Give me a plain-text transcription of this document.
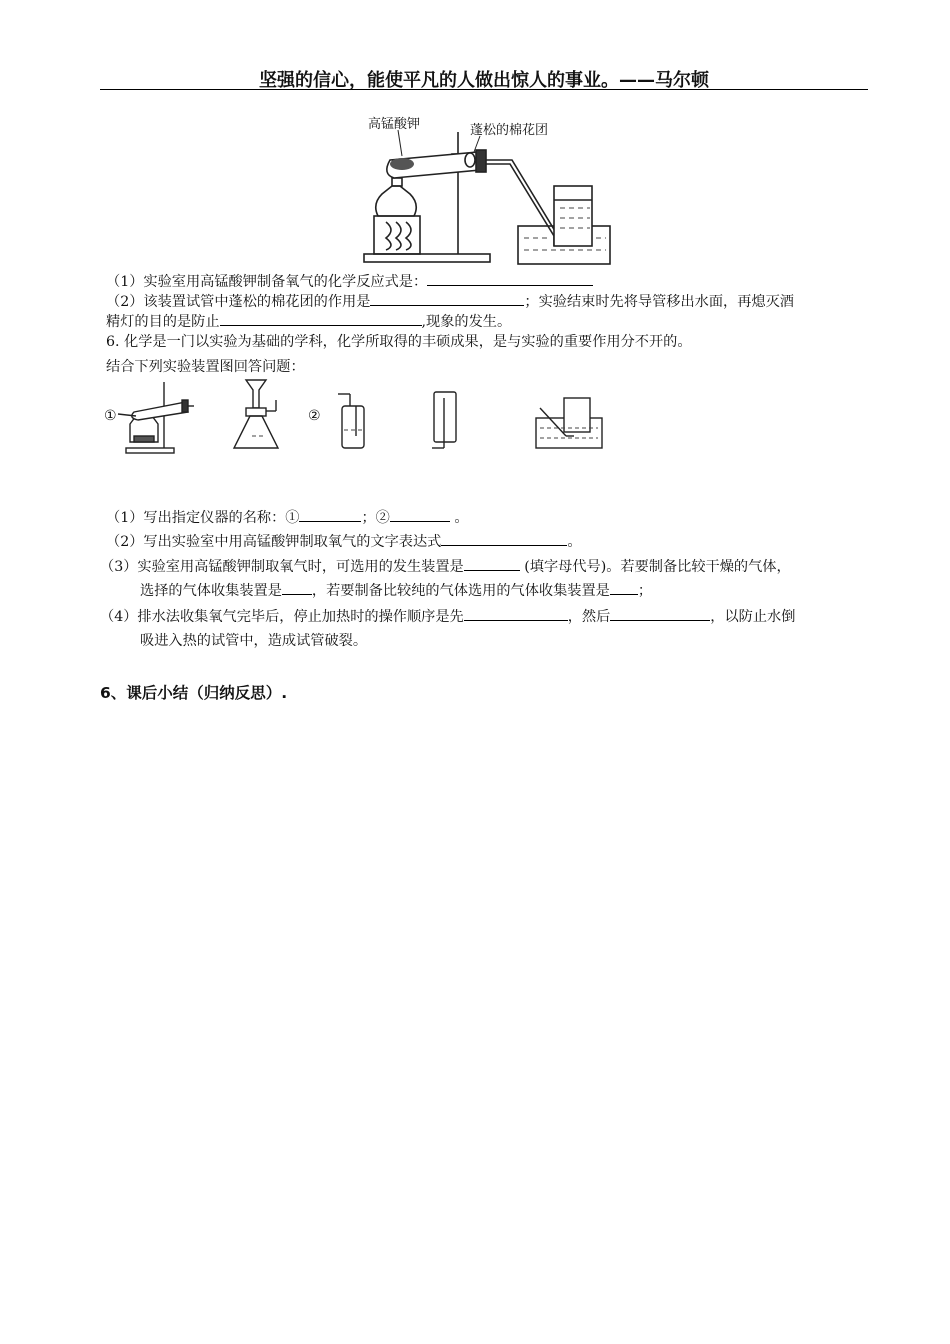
坚强的信心，能使平凡的人做出惊人的事业。——马尔顿
高锰酸钾	蓬松的棉花团
（1）实验室用高锰酸钾制备氧气的化学反应式是：
（2）该装置试管中蓬松的棉花团的作用是	；实验结束时先将导管移出水面，再熄灭酒
精灯的目的是防止	,现象的发生。
6. 化学是一门以实验为基础的学科，化学所取得的丰硕成果，是与实验的重要作用分不开的。
结合下列实验装置图回答问题：
①	②
（1）写出指定仪器的名称：①	；②	。
（2）写出实验室中用高锰酸钾制取氧气的文字表达式	。
（3）实验室用高锰酸钾制取氧气时，可选用的发生装置是	(填字母代号)。若要制备比较干燥的气体，
选择的气体收集装置是 ，若要制备比较纯的气体选用的气体收集装置是 ；
（4）排水法收集氧气完毕后，停止加热时的操作顺序是先	，然后	，以防止水倒
吸进入热的试管中，造成试管破裂。
6、课后小结（归纳反思）.
